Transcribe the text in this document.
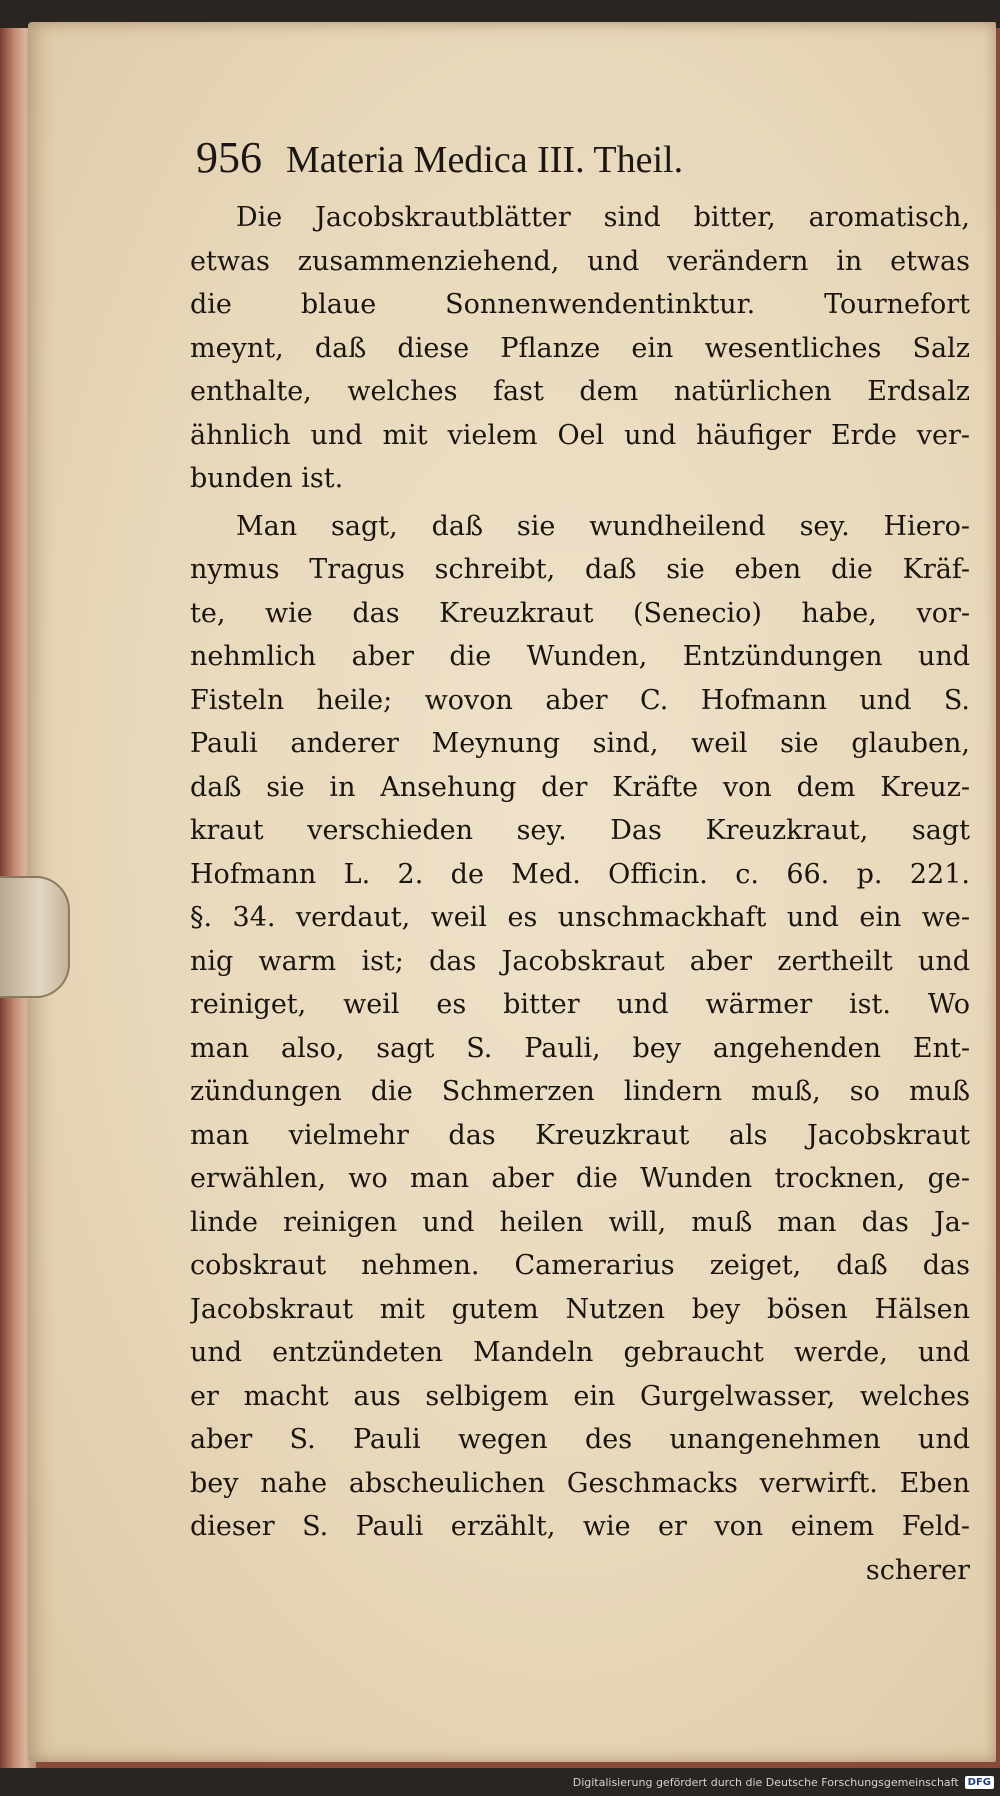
956 Materia Medica III. Theil.
Die Jacobskrautblätter sind bitter, aromatisch,
etwas zusammenziehend, und verändern in etwas
die blaue Sonnenwendentinktur. Tournefort
meynt, daß diese Pflanze ein wesentliches Salz
enthalte, welches fast dem natürlichen Erdsalz
ähnlich und mit vielem Oel und häufiger Erde ver-
bunden ist.
Man sagt, daß sie wundheilend sey. Hiero-
nymus Tragus schreibt, daß sie eben die Kräf-
te, wie das Kreuzkraut (Senecio) habe, vor-
nehmlich aber die Wunden, Entzündungen und
Fisteln heile; wovon aber C. Hofmann und S.
Pauli anderer Meynung sind, weil sie glauben,
daß sie in Ansehung der Kräfte von dem Kreuz-
kraut verschieden sey. Das Kreuzkraut, sagt
Hofmann L. 2. de Med. Officin. c. 66. p. 221.
§. 34. verdaut, weil es unschmackhaft und ein we-
nig warm ist; das Jacobskraut aber zertheilt und
reiniget, weil es bitter und wärmer ist. Wo
man also, sagt S. Pauli, bey angehenden Ent-
zündungen die Schmerzen lindern muß, so muß
man vielmehr das Kreuzkraut als Jacobskraut
erwählen, wo man aber die Wunden trocknen, ge-
linde reinigen und heilen will, muß man das Ja-
cobskraut nehmen. Camerarius zeiget, daß das
Jacobskraut mit gutem Nutzen bey bösen Hälsen
und entzündeten Mandeln gebraucht werde, und
er macht aus selbigem ein Gurgelwasser, welches
aber S. Pauli wegen des unangenehmen und
bey nahe abscheulichen Geschmacks verwirft. Eben
dieser S. Pauli erzählt, wie er von einem Feld-
scherer
Digitalisierung gefördert durch die Deutsche Forschungsgemeinschaft DFG
